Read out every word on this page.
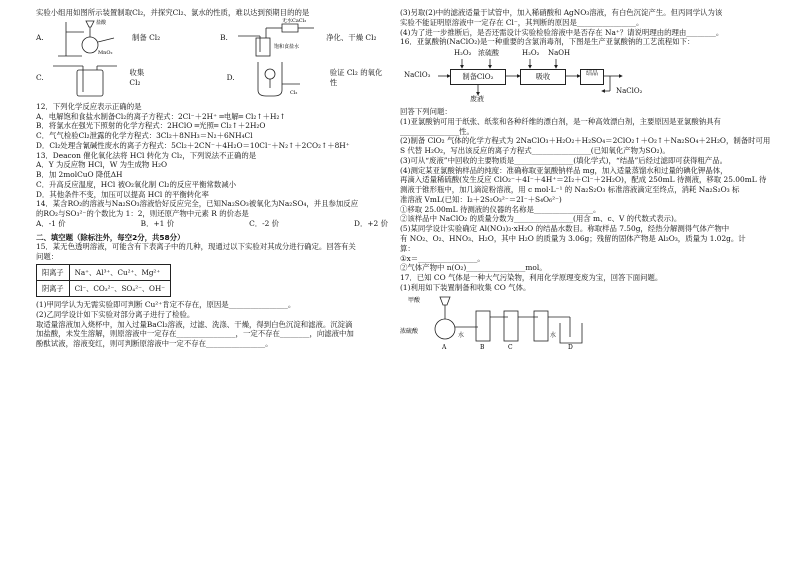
实验小组用如图所示装置制取Cl₂，并探究Cl₂、氯水的性质，难以达到预期目的的是

A.
盐酸
MnO₂
制备 Cl₂	B.
无水CaCl₂
饱和食盐水
净化、干燥 Cl₂
C.
收集 Cl₂
D.
Cl₂
验证 Cl₂ 的氧化性

12．下列化学反应表示正确的是

A．电解饱和食盐水制备Cl₂的离子方程式：2Cl⁻＋2H⁺ ═电解═ Cl₂↑＋H₂↑

B．将氯水在强光下照射的化学方程式：2HClO ═光照═ Cl₂↑＋2H₂O

C．气气检验Cl₂泄露的化学方程式：3Cl₂＋8NH₃＝N₂＋6NH₄Cl

D．Cl₂处理含氰碱性废水的离子方程式：5Cl₂＋2CN⁻＋4H₂O＝10Cl⁻＋N₂↑＋2CO₂↑＋8H⁺

13．Deacon 催化氧化法将 HCl 转化为 Cl₂，下列说法不正确的是

A．Y 为反应物 HCl，W 为生成物 H₂O

B．加 2molCuO 降低ΔH

C．升高反应温度，HCl 被O₂氧化制 Cl₂的反应平衡常数减小

D．其他条件不变，加压可以提高 HCl 的平衡转化率

14．某含RO₂的溶液与Na₂SO₃溶液恰好反应完全，已知Na₂SO₃被氧化为Na₂SO₄，并且参加反应

的RO₂与SO₃²⁻的个数比为 1：2，则还原产物中元素 R 的价态是

A．-1 价	B．+1 价	C．-2 价	D．+2 价

二、填空题（除标注外，每空2分，共58分）

15．某无色透明溶液，可能含有下表离子中的几种，现通过以下实验对其成分进行确定。回答有关

问题：

阳离子	Na⁺、Al³⁺、Cu²⁺、Mg²⁺
阴离子	Cl⁻、CO₃²⁻、SO₄²⁻、OH⁻

(1)甲同学认为无需实验即可判断 Cu²⁺肯定不存在，原因是________________。

(2)乙同学设计如下实验对部分离子进行了检验。

取适量溶液加入烧杯中，加入过量BaCl₂溶液，过滤、洗涤、干燥，得到白色沉淀和滤液。沉淀滴

加盐酸，未发生溶解，则原溶液中一定存在________________，一定不存在________，向滤液中加

酚酞试液，溶液变红，则可判断原溶液中一定不存在________________。

(3)另取(2)中的滤液适量于试管中，加入稀硝酸和 AgNO₃溶液，有白色沉淀产生。但丙同学认为该

实验不能证明原溶液中一定存在 Cl⁻，其判断的原因是________________。

(4)为了进一步推断后，是否还需设计实验检验溶液中是否存在 Na⁺？请说明理由的理由________。

16．亚氯酸钠(NaClO₂)是一种重要的含氯消毒剂，下图是生产亚氯酸钠的工艺流程如下：

H₂O₂ 浓硫酸	H₂O₂ NaOH
NaClO₃	制备ClO₂	吸收	结晶
废液
NaClO₂

回答下列问题：

(1)亚氯酸钠可用于纸张、纸浆和各种纤维的漂白剂，是一种高效漂白剂，主要原因是亚氯酸钠具有

________________性。

(2)制备 ClO₂ 气体的化学方程式为 2NaClO₃＋H₂O₂＋H₂SO₄＝2ClO₂↑＋O₂↑＋Na₂SO₄＋2H₂O，制备时可用

S 代替 H₂O₂，写出该反应的离子方程式________________(已知氧化产物为SO₂)。

(3)可从“废液”中回收的主要物质是________________(填化学式)，“结晶”后经过滤即可获得粗产品。

(4)测定某亚氯酸钠样品的纯度：准确称取亚氯酸钠样品 mg，加入适量蒸馏水和过量的碘化钾晶体，

再滴入适量稀硫酸(发生反应 ClO₂⁻＋4I⁻＋4H⁺＝2I₂＋Cl⁻＋2H₂O)，配成 250mL 待测液，移取 25.00mL 待

测液于锥形瓶中，加几滴淀粉溶液，用 c mol·L⁻¹ 的 Na₂S₂O₃ 标准溶液滴定至终点，消耗 Na₂S₂O₃ 标

准溶液 VmL(已知：I₂＋2S₂O₃²⁻＝2I⁻＋S₄O₆²⁻)

①移取 25.00mL 待测液的仪器的名称是________________。

②该样品中 NaClO₂ 的质量分数为________________(用含 m、c、V 的代数式表示)。

(5)某同学设计实验确定 Al(NO₃)₃·xH₂O 的结晶水数目。称取样品 7.50g，经热分解测得气体产物中

有 NO₂、O₂、HNO₃、H₂O，其中 H₂O 的质量为 3.06g；残留的固体产物是 Al₂O₃，质量为 1.02g。计

算：

①x＝________________。

②气体产物中 n(O₂)________________mol。

17．已知 CO 气体是一种大气污染物，利用化学原理变废为宝，回答下面问题。

(1)利用如下装置制备和收集 CO 气体。

甲酸
浓硫酸
水	水
A	B	C	D
